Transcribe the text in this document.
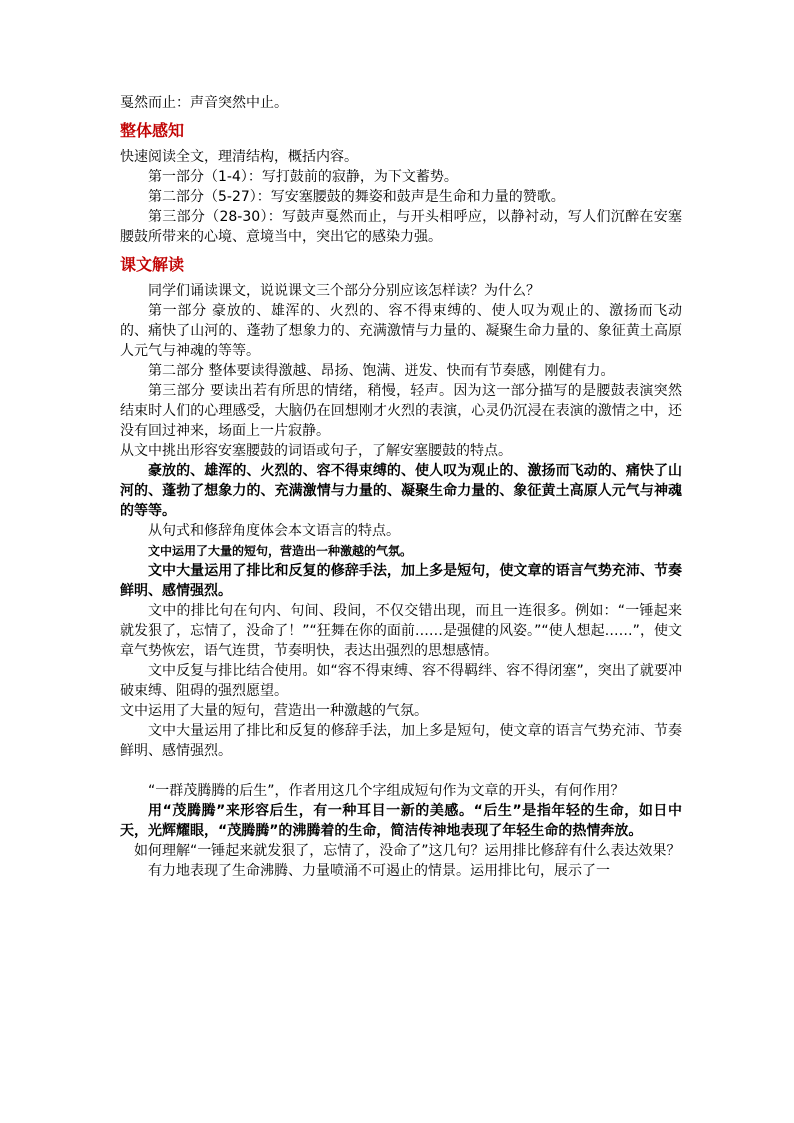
戛然而止：声音突然中止。

整体感知

快速阅读全文，理清结构，概括内容。

第一部分（1-4）：写打鼓前的寂静，为下文蓄势。

第二部分（5-27）：写安塞腰鼓的舞姿和鼓声是生命和力量的赞歌。

第三部分（28-30）：写鼓声戛然而止，与开头相呼应，以静衬动，写人们沉醉在安塞腰鼓所带来的心境、意境当中，突出它的感染力强。

课文解读

同学们诵读课文，说说课文三个部分分别应该怎样读？为什么？

第一部分 豪放的、雄浑的、火烈的、容不得束缚的、使人叹为观止的、激扬而飞动的、痛快了山河的、蓬勃了想象力的、充满激情与力量的、凝聚生命力量的、象征黄土高原人元气与神魂的等等。

第二部分 整体要读得激越、昂扬、饱满、迸发、快而有节奏感，刚健有力。

第三部分 要读出若有所思的情绪，稍慢，轻声。因为这一部分描写的是腰鼓表演突然结束时人们的心理感受，大脑仍在回想刚才火烈的表演，心灵仍沉浸在表演的激情之中，还没有回过神来，场面上一片寂静。

从文中挑出形容安塞腰鼓的词语或句子，了解安塞腰鼓的特点。

豪放的、雄浑的、火烈的、容不得束缚的、使人叹为观止的、激扬而飞动的、痛快了山河的、蓬勃了想象力的、充满激情与力量的、凝聚生命力量的、象征黄土高原人元气与神魂的等等。

从句式和修辞角度体会本文语言的特点。

文中运用了大量的短句，营造出一种激越的气氛。

文中大量运用了排比和反复的修辞手法，加上多是短句，使文章的语言气势充沛、节奏鲜明、感情强烈。

文中的排比句在句内、句间、段间，不仅交错出现，而且一连很多。例如：“一锤起来就发狠了，忘情了，没命了！”“狂舞在你的面前……是强健的风姿。”“使人想起……”，使文章气势恢宏，语气连贯，节奏明快，表达出强烈的思想感情。

文中反复与排比结合使用。如“容不得束缚、容不得羁绊、容不得闭塞”，突出了就要冲破束缚、阻碍的强烈愿望。

文中运用了大量的短句，营造出一种激越的气氛。

文中大量运用了排比和反复的修辞手法，加上多是短句，使文章的语言气势充沛、节奏鲜明、感情强烈。

“一群茂腾腾的后生”，作者用这几个字组成短句作为文章的开头，有何作用？

用“茂腾腾”来形容后生，有一种耳目一新的美感。“后生”是指年轻的生命，如日中天，光辉耀眼，“茂腾腾”的沸腾着的生命，简洁传神地表现了年轻生命的热情奔放。

如何理解“一锤起来就发狠了，忘情了，没命了”这几句？运用排比修辞有什么表达效果？

有力地表现了生命沸腾、力量喷涌不可遏止的情景。运用排比句，展示了一
